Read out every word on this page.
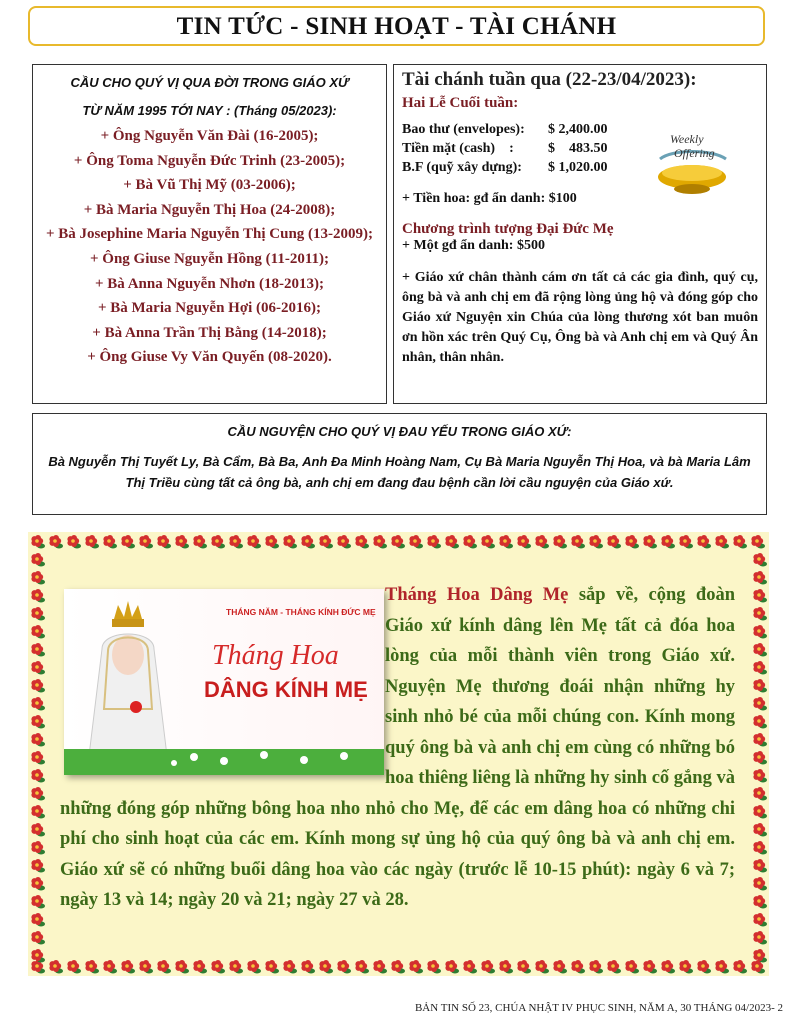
TIN TỨC - SINH HOẠT - TÀI CHÁNH
CẦU CHO QUÝ VỊ QUA ĐỜI TRONG GIÁO XỨ
TỪ NĂM 1995 TỚI NAY : (Tháng 05/2023):
+ Ông Nguyễn Văn Đài (16-2005);
+ Ông Toma Nguyễn Đức Trinh (23-2005);
+ Bà Vũ Thị Mỹ (03-2006);
+ Bà Maria Nguyễn Thị Hoa (24-2008);
+ Bà Josephine Maria Nguyễn Thị Cung (13-2009);
+ Ông Giuse Nguyễn Hồng (11-2011);
+ Bà Anna Nguyễn Nhơn (18-2013);
+ Bà Maria Nguyễn Hợi (06-2016);
+ Bà Anna Trần Thị Bằng (14-2018);
+ Ông Giuse Vy Văn Quyến (08-2020).
Tài chánh tuần qua (22-23/04/2023):
Hai Lễ Cuối tuần:
Bao thư (envelopes):	$ 2,400.00
Tiền mặt (cash)    :	$    483.50
B.F (quỹ xây dựng):	$ 1,020.00
Weekly
Offering
+ Tiền hoa: gđ ẩn danh: $100
Chương trình tượng Đại Đức Mẹ
+ Một gđ ẩn danh: $500
+ Giáo xứ chân thành cám ơn tất cả các gia đình, quý cụ, ông bà và anh chị em đã rộng lòng ủng hộ và đóng góp cho Giáo xứ Nguyện xin Chúa của lòng thương xót ban muôn ơn hồn xác trên Quý Cụ, Ông bà và Anh chị em và Quý Ân nhân, thân nhân.
CẦU NGUYỆN CHO QUÝ VỊ ĐAU YẾU TRONG GIÁO XỨ:
Bà Nguyễn Thị Tuyết Ly, Bà Cẩm, Bà Ba, Anh Đa Minh Hoàng Nam, Cụ Bà Maria Nguyễn Thị Hoa, và bà Maria Lâm Thị Triều cùng tất cả ông bà, anh chị em đang đau bệnh cần lời cầu nguyện của Giáo xứ.
THÁNG NĂM - THÁNG KÍNH ĐỨC MẸ
Tháng Hoa
DÂNG KÍNH MẸ
Tháng Hoa Dâng Mẹ sắp về, cộng đoàn Giáo xứ kính dâng lên Mẹ tất cả đóa hoa lòng của mỗi thành viên trong Giáo xứ. Nguyện Mẹ thương đoái nhận những hy sinh nhỏ bé của mỗi chúng con. Kính mong quý ông bà và anh chị em cùng có những bó hoa thiêng liêng là những hy sinh cố gắng và những đóng góp những bông hoa nho nhỏ cho Mẹ, để các em dâng hoa có những chi phí cho sinh hoạt của các em. Kính mong sự ủng hộ của quý ông bà và anh chị em. Giáo xứ sẽ có những buổi dâng hoa vào các ngày (trước lễ 10-15 phút): ngày 6 và 7; ngày 13 và 14; ngày 20 và 21; ngày 27 và 28.
BẢN TIN SỐ 23, CHÚA NHẬT IV PHỤC SINH, NĂM A, 30 THÁNG 04/2023- 2
